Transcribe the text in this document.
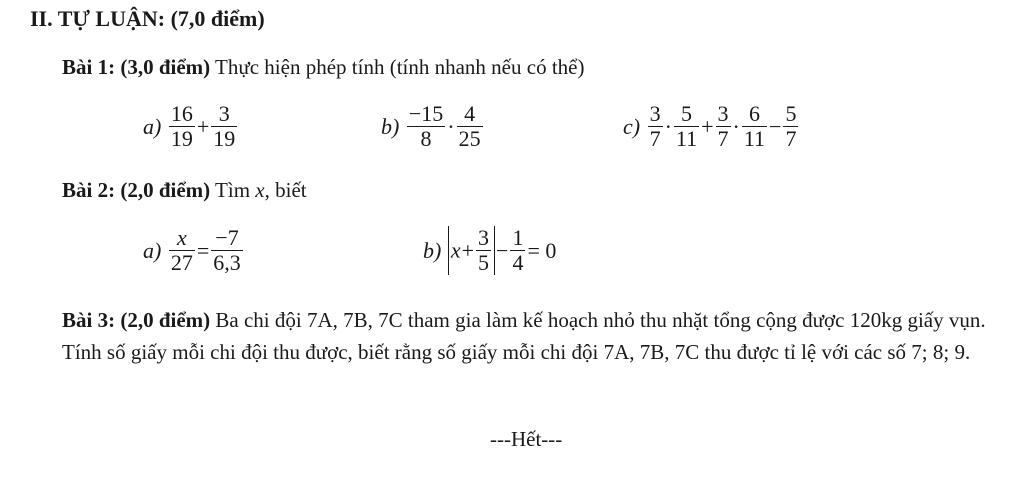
II. TỰ LUẬN: (7,0 điểm)
Bài 1: (3,0 điểm) Thực hiện phép tính (tính nhanh nếu có thể)
$a) \frac{16}{19} + \frac{3}{19}$	$b) \frac{-15}{8} \cdot \frac{4}{25}$	$c) \frac{3}{7} \cdot \frac{5}{11} + \frac{3}{7} \cdot \frac{6}{11} - \frac{5}{7}$
Bài 2: (2,0 điểm) Tìm x, biết
$a) \frac{x}{27} = \frac{-7}{6,3}$	b) $x+ \frac{3}{5} - \frac{1}{4} = 0$
Bài 3: (2,0 điểm) Ba chi đội 7A, 7B, 7C tham gia làm kế hoạch nhỏ thu nhặt tổng cộng được 120kg giấy vụn. Tính số giấy mỗi chi đội thu được, biết rằng số giấy mỗi chi đội 7A, 7B, 7C thu được tỉ lệ với các số 7; 8; 9.
---Hết---
